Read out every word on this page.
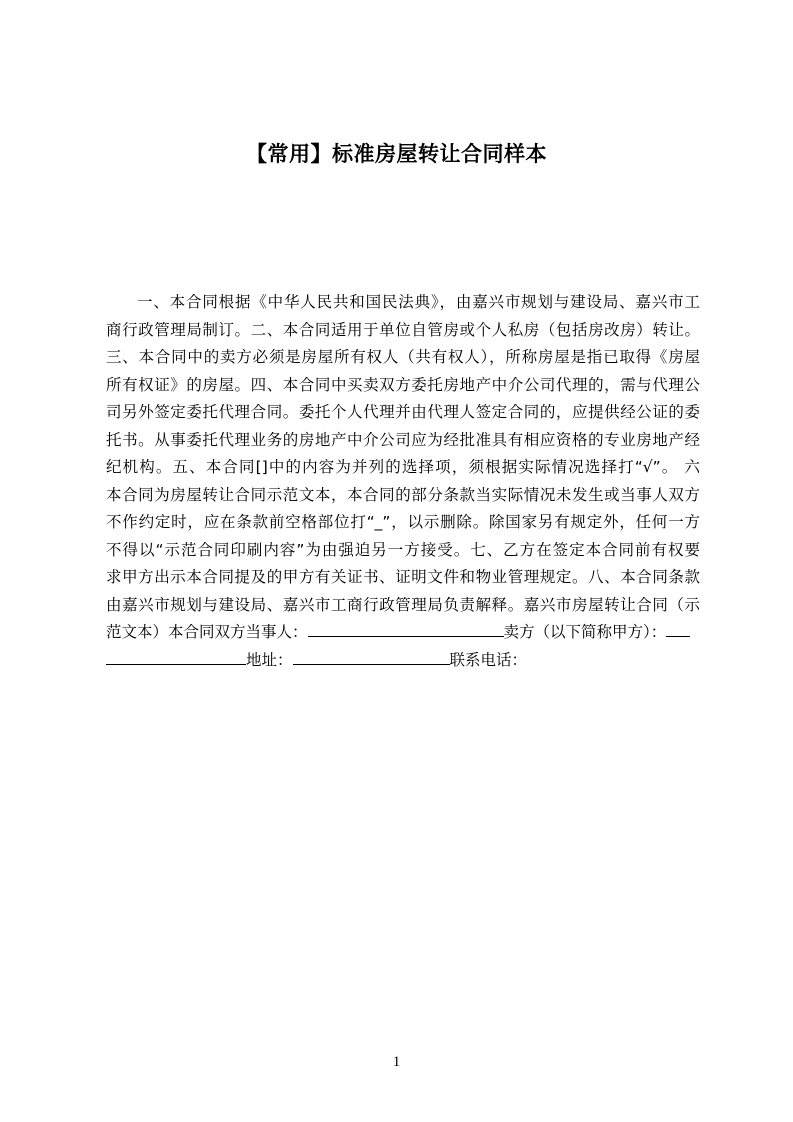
【常用】标准房屋转让合同样本
一、本合同根据《中华人民共和国民法典》，由嘉兴市规划与建设局、嘉兴市工
商行政管理局制订。二、本合同适用于单位自管房或个人私房（包括房改房）转让。
三、本合同中的卖方必须是房屋所有权人（共有权人），所称房屋是指已取得《房屋
所有权证》的房屋。四、本合同中买卖双方委托房地产中介公司代理的，需与代理公
司另外签定委托代理合同。委托个人代理并由代理人签定合同的，应提供经公证的委
托书。从事委托代理业务的房地产中介公司应为经批准具有相应资格的专业房地产经
纪机构。五、本合同[]中的内容为并列的选择项，须根据实际情况选择打“√”。 六
本合同为房屋转让合同示范文本，本合同的部分条款当实际情况未发生或当事人双方
不作约定时，应在条款前空格部位打“_”，以示删除。除国家另有规定外，任何一方
不得以“示范合同印刷内容”为由强迫另一方接受。七、乙方在签定本合同前有权要
求甲方出示本合同提及的甲方有关证书、证明文件和物业管理规定。八、本合同条款
由嘉兴市规划与建设局、嘉兴市工商行政管理局负责解释。嘉兴市房屋转让合同（示
范文本）本合同双方当事人：	卖方（以下简称甲方）：
地址：	联系电话：
1
